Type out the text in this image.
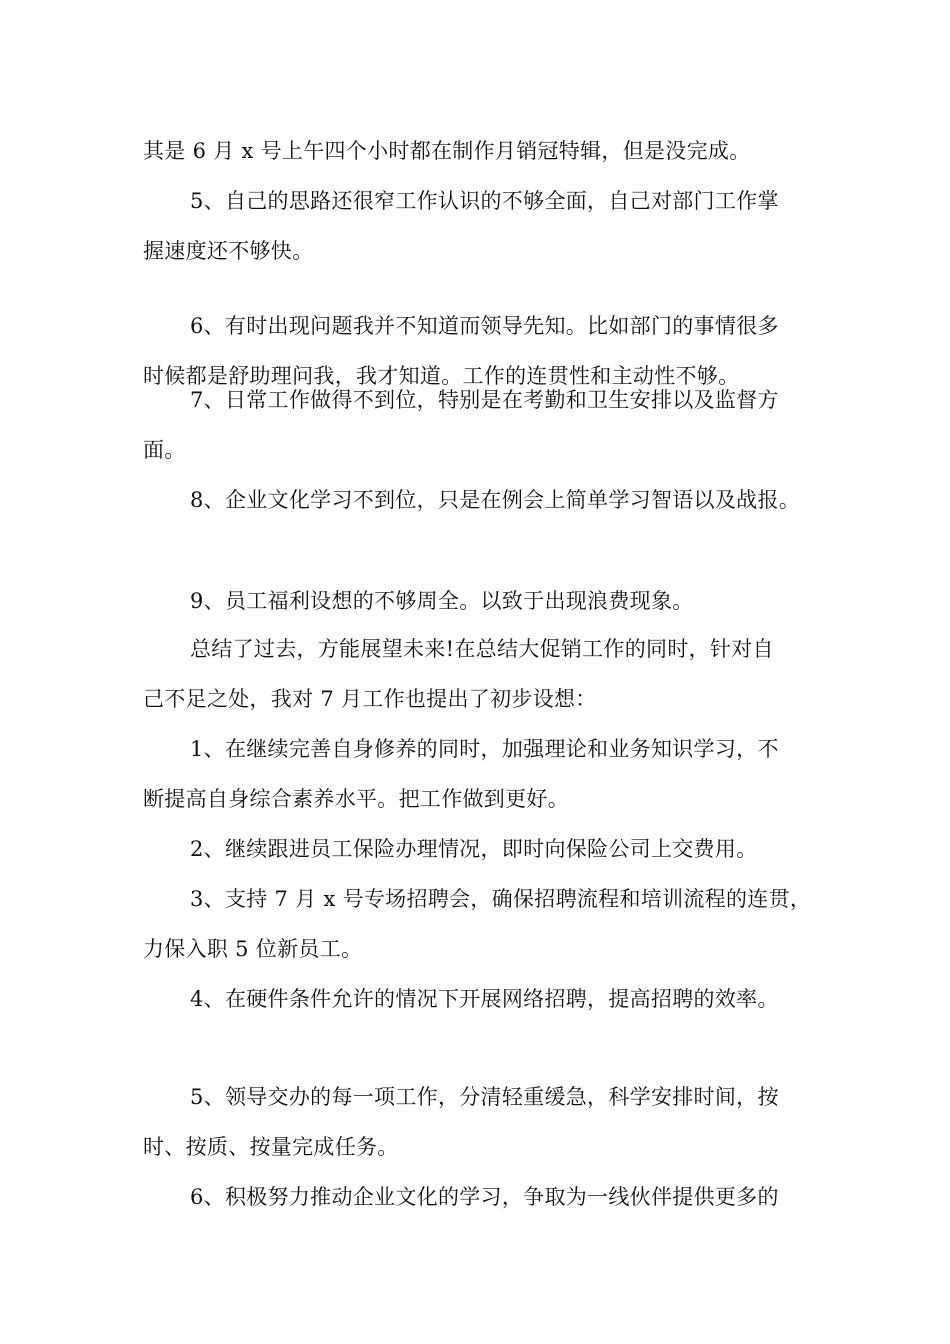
其是 6 月 x 号上午四个小时都在制作月销冠特辑，但是没完成。

5、自己的思路还很窄工作认识的不够全面，自己对部门工作掌
握速度还不够快。

6、有时出现问题我并不知道而领导先知。比如部门的事情很多
时候都是舒助理问我，我才知道。工作的连贯性和主动性不够。

7、日常工作做得不到位，特别是在考勤和卫生安排以及监督方
面。

8、企业文化学习不到位，只是在例会上简单学习智语以及战报。

9、员工福利设想的不够周全。以致于出现浪费现象。

总结了过去，方能展望未来!在总结大促销工作的同时，针对自
己不足之处，我对 7 月工作也提出了初步设想：

1、在继续完善自身修养的同时，加强理论和业务知识学习，不
断提高自身综合素养水平。把工作做到更好。

2、继续跟进员工保险办理情况，即时向保险公司上交费用。

3、支持 7 月 x 号专场招聘会，确保招聘流程和培训流程的连贯，
力保入职 5 位新员工。

4、在硬件条件允许的情况下开展网络招聘，提高招聘的效率。

5、领导交办的每一项工作，分清轻重缓急，科学安排时间，按
时、按质、按量完成任务。

6、积极努力推动企业文化的学习，争取为一线伙伴提供更多的
